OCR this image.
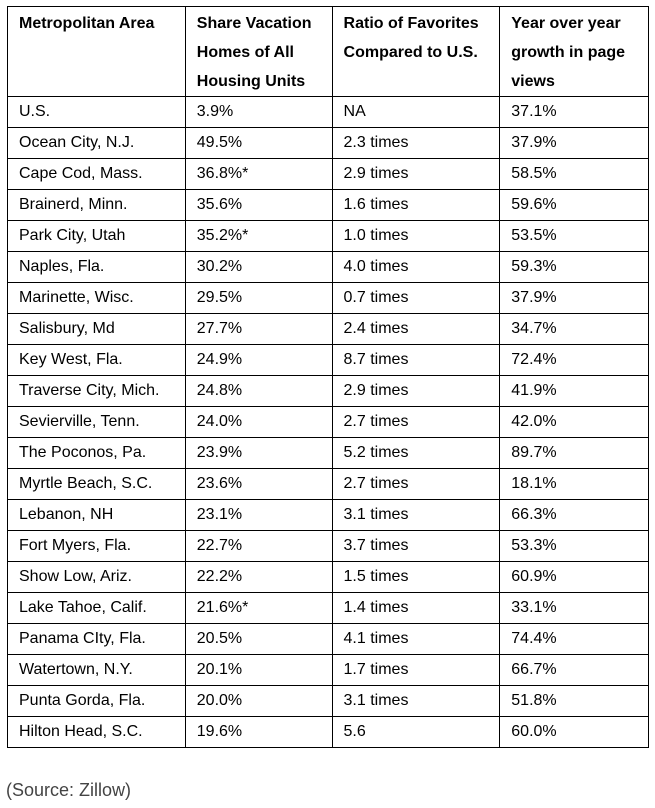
Metropolitan Area	Share Vacation Homes of All Housing Units	Ratio of Favorites Compared to U.S.	Year over year growth in page views
U.S.	3.9%	NA	37.1%
Ocean City, N.J.	49.5%	2.3 times	37.9%
Cape Cod, Mass.	36.8%*	2.9 times	58.5%
Brainerd, Minn.	35.6%	1.6 times	59.6%
Park City, Utah	35.2%*	1.0 times	53.5%
Naples, Fla.	30.2%	4.0 times	59.3%
Marinette, Wisc.	29.5%	0.7 times	37.9%
Salisbury, Md	27.7%	2.4 times	34.7%
Key West, Fla.	24.9%	8.7 times	72.4%
Traverse City, Mich.	24.8%	2.9 times	41.9%
Sevierville, Tenn.	24.0%	2.7 times	42.0%
The Poconos, Pa.	23.9%	5.2 times	89.7%
Myrtle Beach, S.C.	23.6%	2.7 times	18.1%
Lebanon, NH	23.1%	3.1 times	66.3%
Fort Myers, Fla.	22.7%	3.7 times	53.3%
Show Low, Ariz.	22.2%	1.5 times	60.9%
Lake Tahoe, Calif.	21.6%*	1.4 times	33.1%
Panama CIty, Fla.	20.5%	4.1 times	74.4%
Watertown, N.Y.	20.1%	1.7 times	66.7%
Punta Gorda, Fla.	20.0%	3.1 times	51.8%
Hilton Head, S.C.	19.6%	5.6	60.0%

(Source: Zillow)
